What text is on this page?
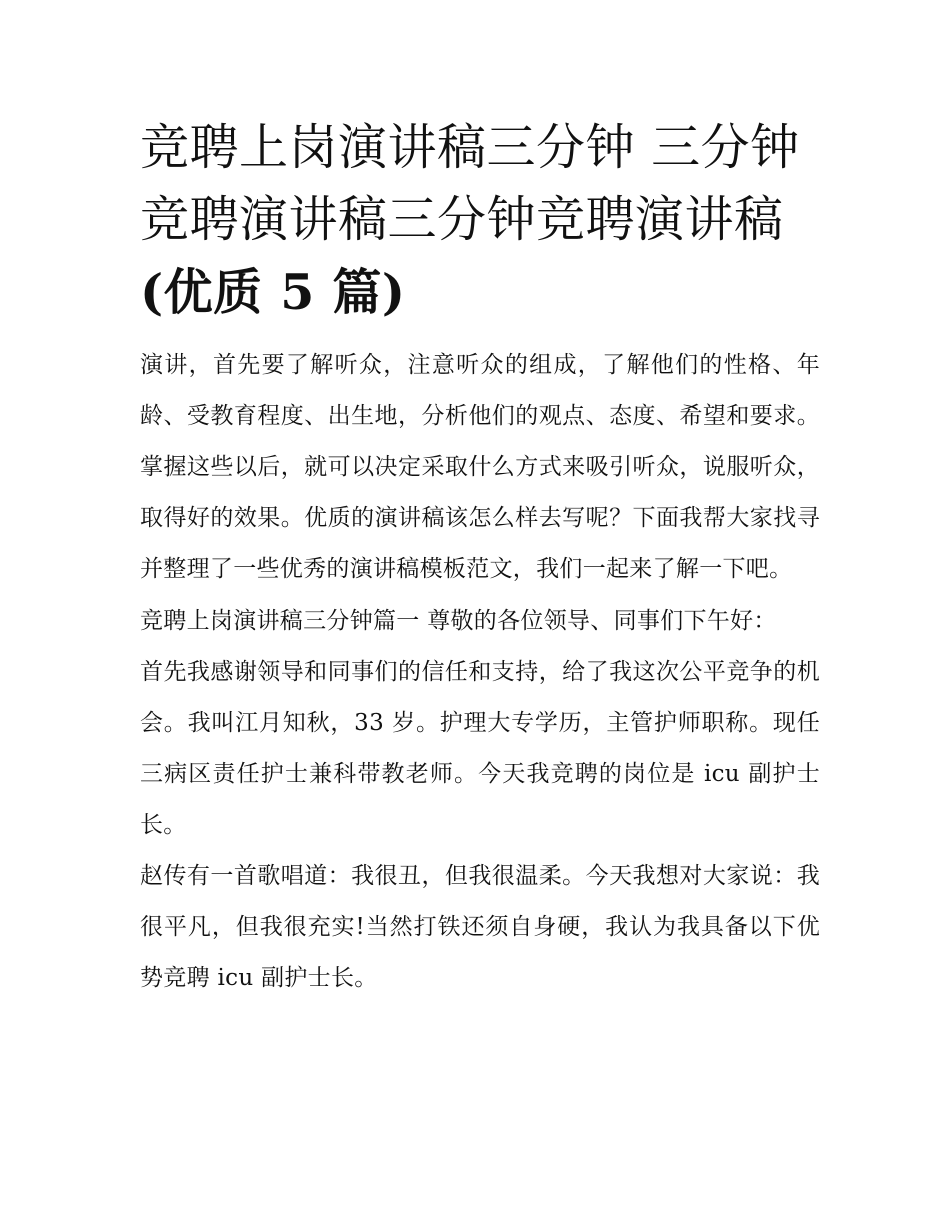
竞聘上岗演讲稿三分钟 三分钟
竞聘演讲稿三分钟竞聘演讲稿
(优质 5 篇)

演讲，首先要了解听众，注意听众的组成，了解他们的性格、年龄、受教育程度、出生地，分析他们的观点、态度、希望和要求。掌握这些以后，就可以决定采取什么方式来吸引听众，说服听众，取得好的效果。优质的演讲稿该怎么样去写呢？下面我帮大家找寻并整理了一些优秀的演讲稿模板范文，我们一起来了解一下吧。

竞聘上岗演讲稿三分钟篇一 尊敬的各位领导、同事们下午好：

首先我感谢领导和同事们的信任和支持，给了我这次公平竞争的机会。我叫江月知秋，33 岁。护理大专学历，主管护师职称。现任三病区责任护士兼科带教老师。今天我竞聘的岗位是 icu 副护士长。

赵传有一首歌唱道：我很丑，但我很温柔。今天我想对大家说：我很平凡，但我很充实!当然打铁还须自身硬，我认为我具备以下优势竞聘 icu 副护士长。
